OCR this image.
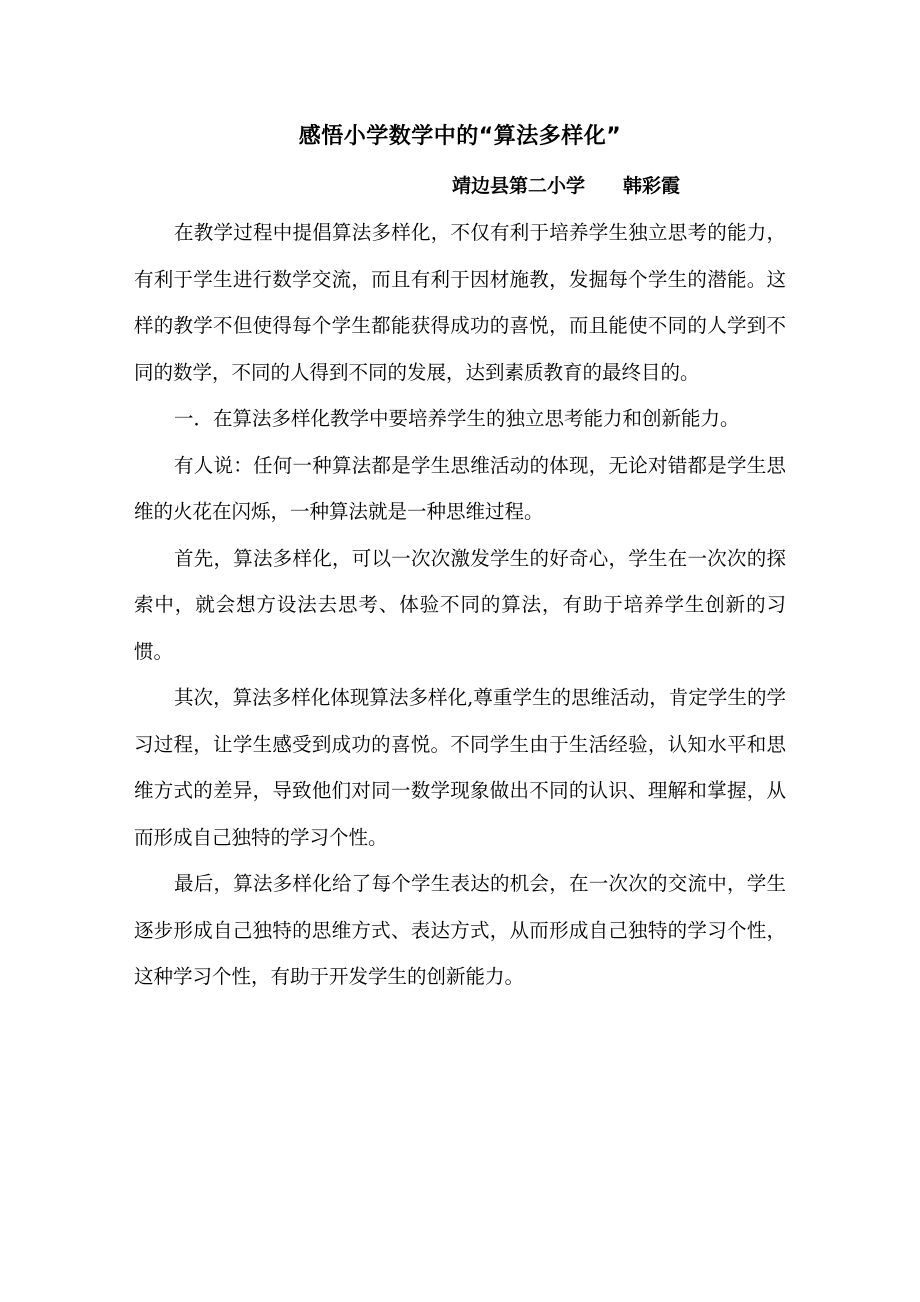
感悟小学数学中的“算法多样化”
靖边县第二小学 韩彩霞

在教学过程中提倡算法多样化，不仅有利于培养学生独立思考的能力，有利于学生进行数学交流，而且有利于因材施教，发掘每个学生的潜能。这样的教学不但使得每个学生都能获得成功的喜悦，而且能使不同的人学到不同的数学，不同的人得到不同的发展，达到素质教育的最终目的。

一．在算法多样化教学中要培养学生的独立思考能力和创新能力。

有人说：任何一种算法都是学生思维活动的体现，无论对错都是学生思维的火花在闪烁，一种算法就是一种思维过程。

首先，算法多样化，可以一次次激发学生的好奇心，学生在一次次的探索中，就会想方设法去思考、体验不同的算法，有助于培养学生创新的习惯。

其次，算法多样化体现算法多样化,尊重学生的思维活动，肯定学生的学习过程，让学生感受到成功的喜悦。不同学生由于生活经验，认知水平和思维方式的差异，导致他们对同一数学现象做出不同的认识、理解和掌握，从而形成自己独特的学习个性。

最后，算法多样化给了每个学生表达的机会，在一次次的交流中，学生逐步形成自己独特的思维方式、表达方式，从而形成自己独特的学习个性，这种学习个性，有助于开发学生的创新能力。
